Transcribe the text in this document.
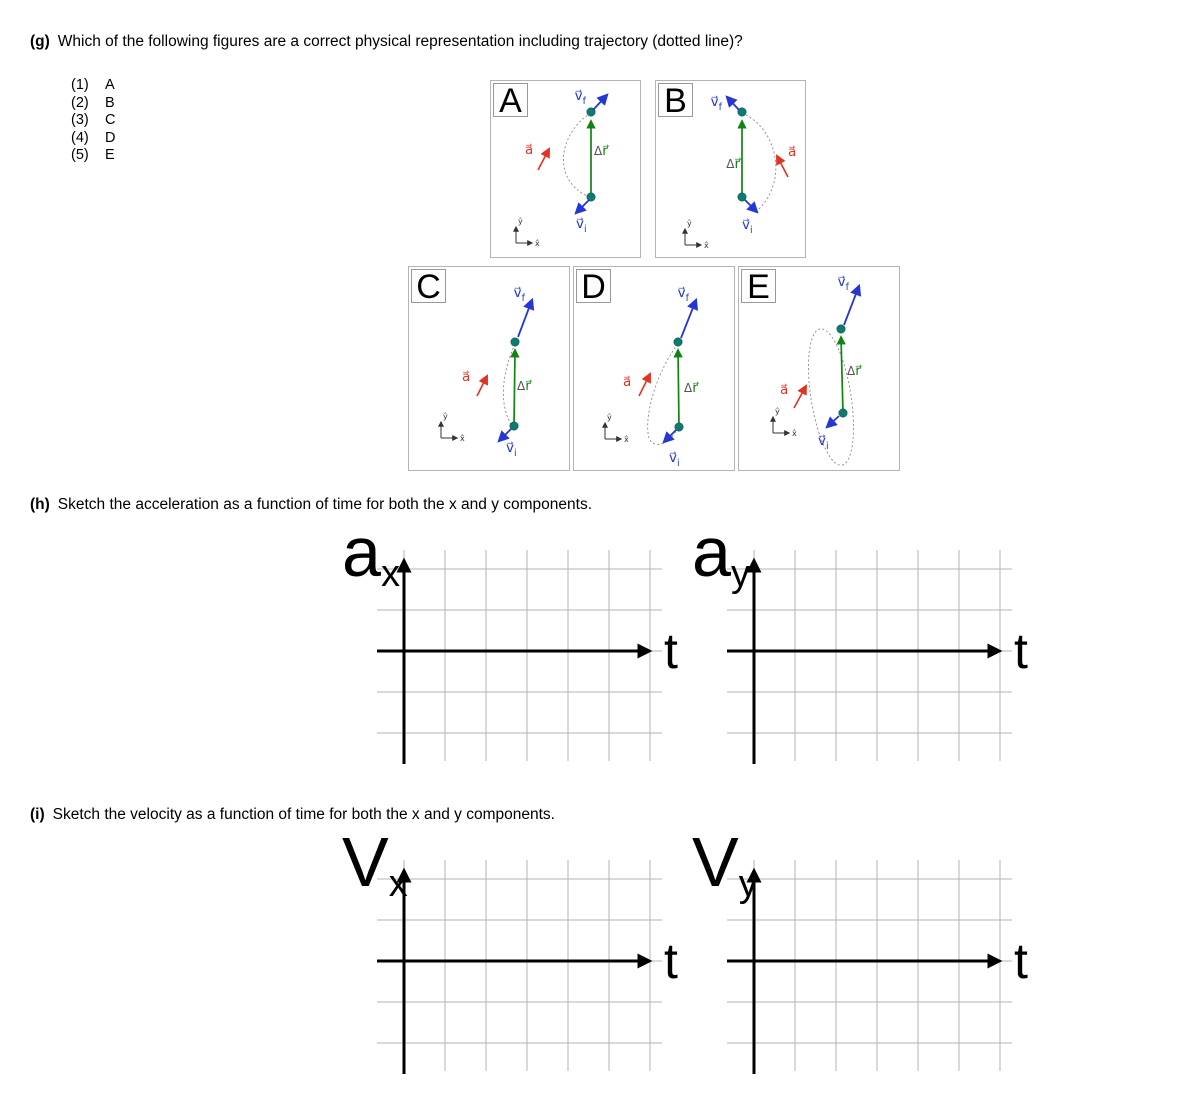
(g) Which of the following figures are a correct physical representation including trajectory (dotted line)?
(1)	A
(2)	B
(3)	C
(4)	D
(5)	E
A	$v⃗_f$
$v⃗_i$
a⃗	Δr⃗
ŷ
x̂
B $v⃗_f$
$v⃗_i$
a⃗
Δr⃗
ŷ
x̂
C	$v⃗_f$
$v⃗_i$
a⃗
Δr⃗
ŷ
x̂
D	$v⃗_f$
$v⃗_i$
a⃗	Δr⃗
ŷ
x̂
E	$v⃗_f$
$v⃗_i$
a⃗
Δr⃗
ŷ
x̂
(h) Sketch the acceleration as a function of time for both the x and y components.
ax
t
ay
t
(i) Sketch the velocity as a function of time for both the x and y components.
Vx
t
Vy
t
